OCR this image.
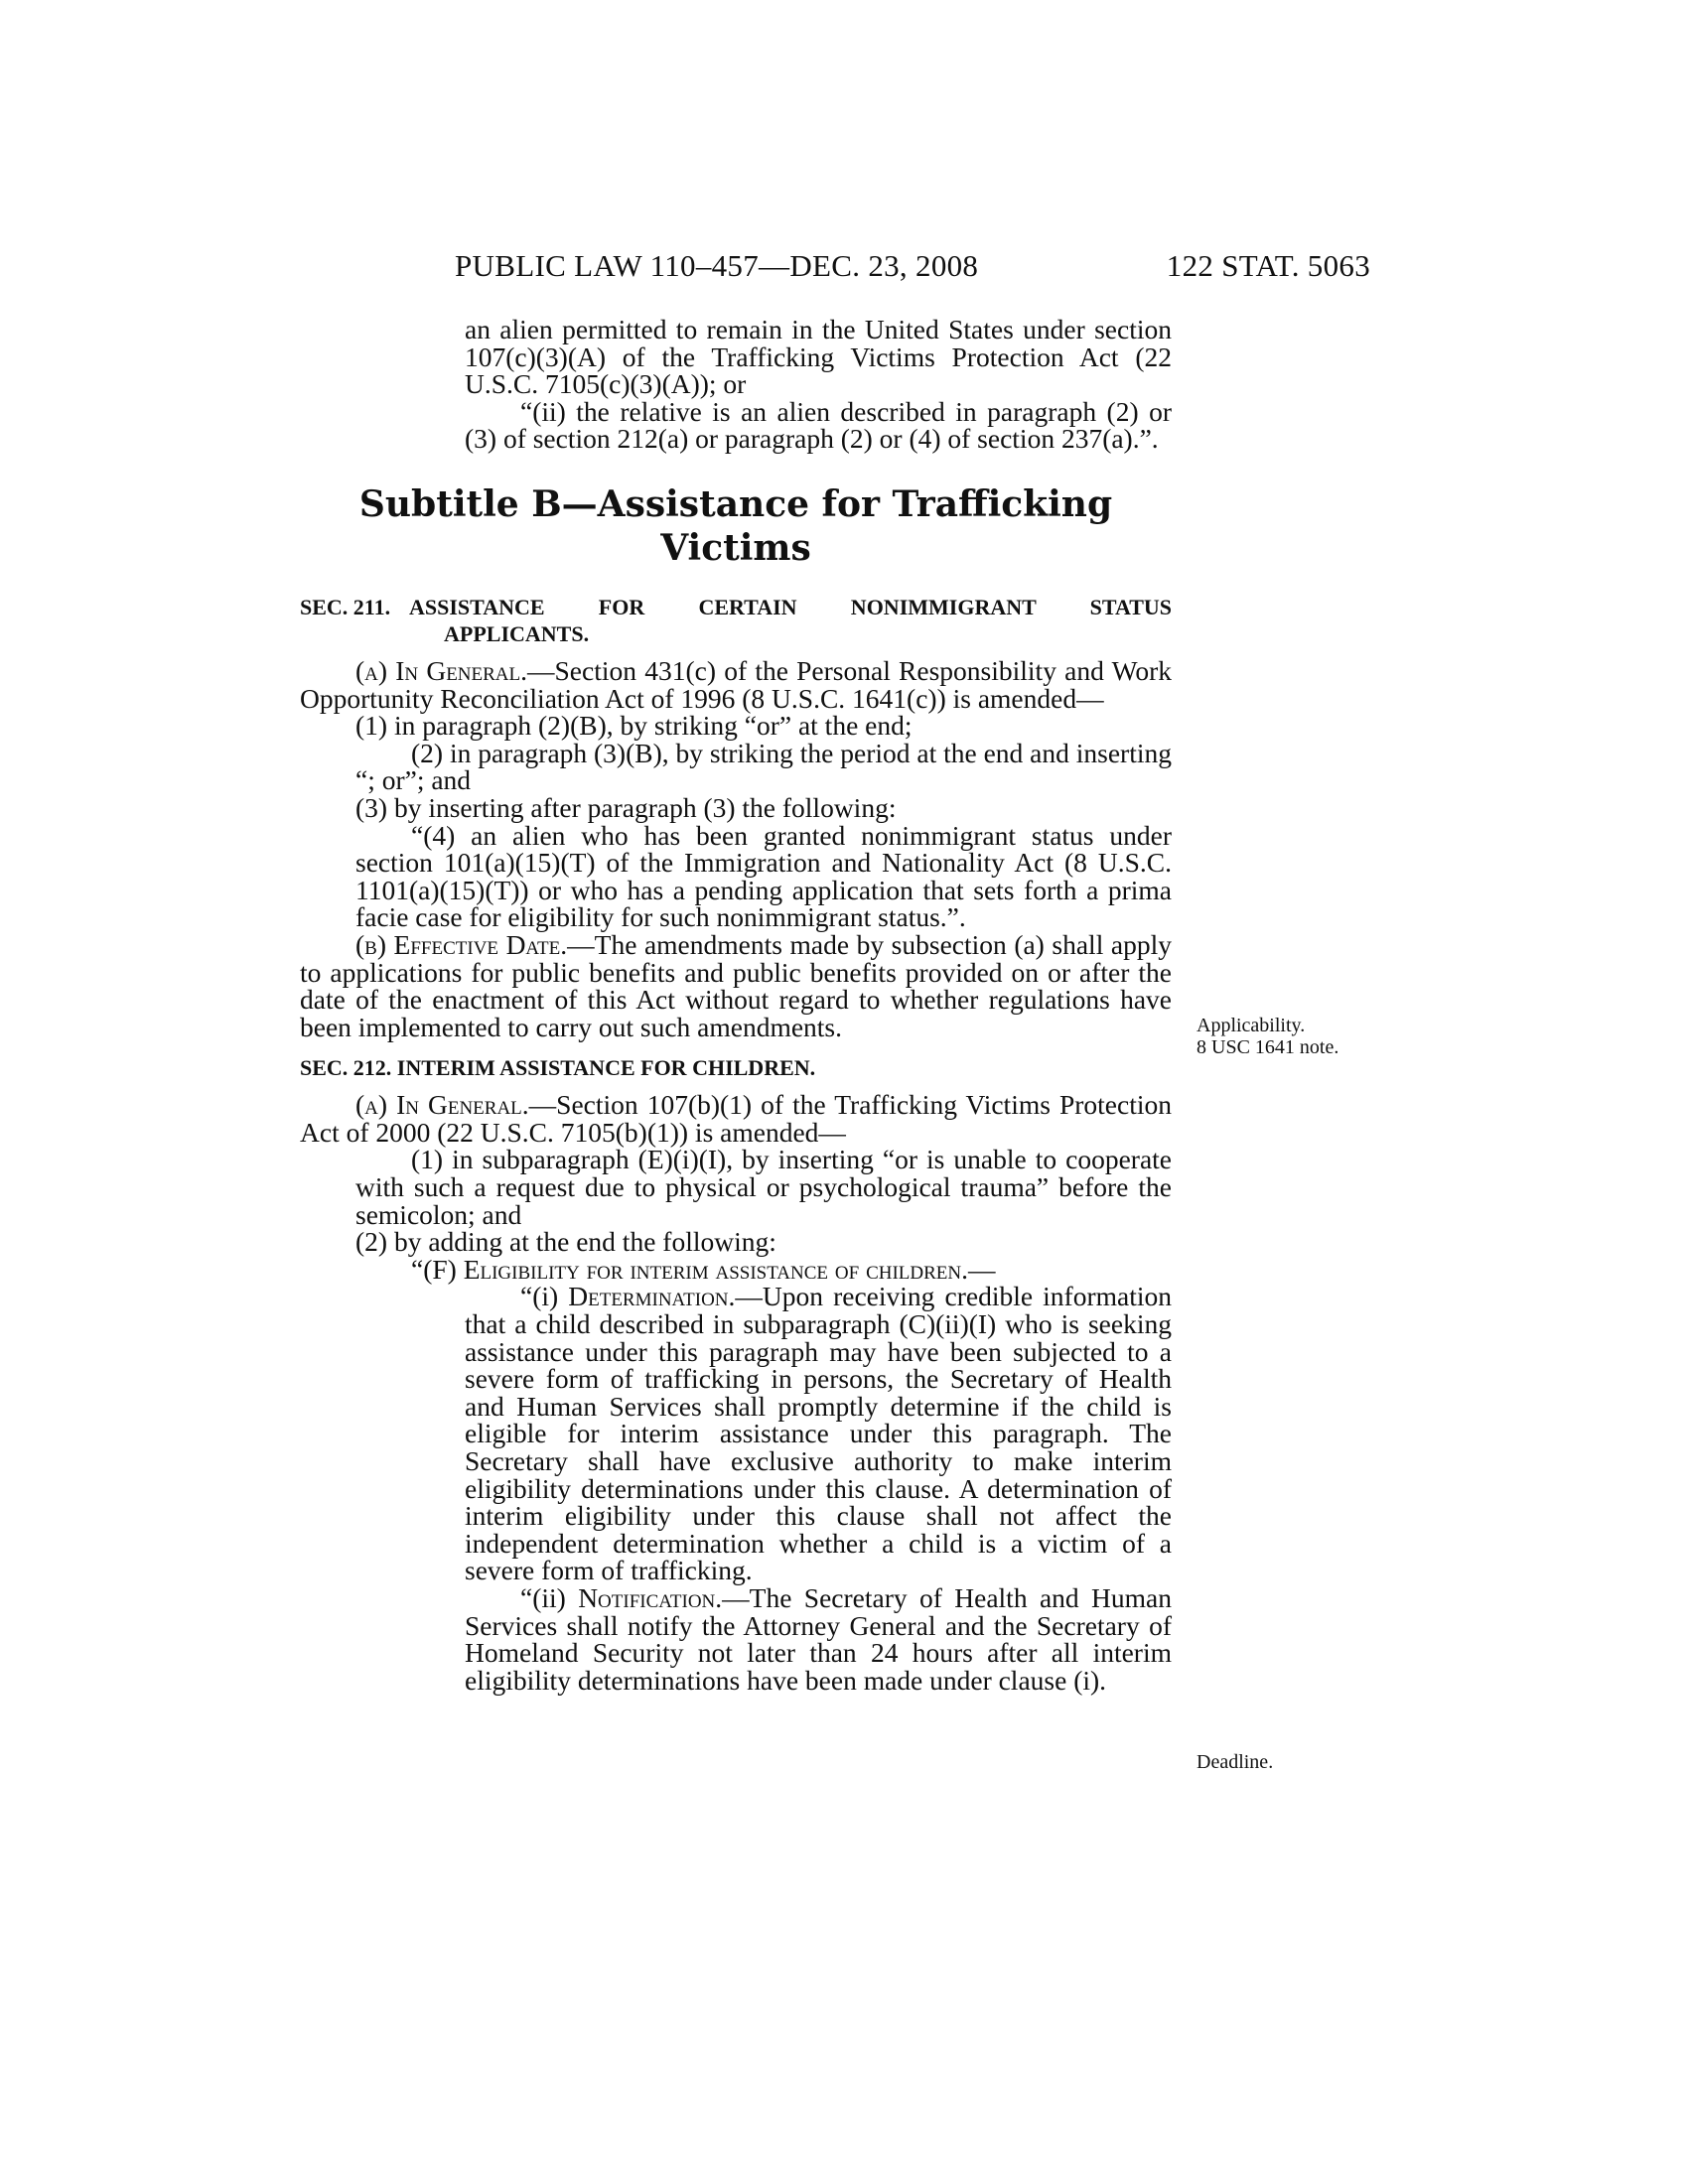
PUBLIC LAW 110–457—DEC. 23, 2008	122 STAT. 5063

an alien permitted to remain in the United States under section 107(c)(3)(A) of the Trafficking Victims Protection Act (22 U.S.C. 7105(c)(3)(A)); or

“(ii) the relative is an alien described in paragraph (2) or (3) of section 212(a) or paragraph (2) or (4) of section 237(a).”.

Subtitle B—Assistance for Trafficking Victims
SEC. 211. ASSISTANCE FOR CERTAIN NONIMMIGRANT STATUS
APPLICANTS.

(a) In General.—Section 431(c) of the Personal Responsibility and Work Opportunity Reconciliation Act of 1996 (8 U.S.C. 1641(c)) is amended—

(1) in paragraph (2)(B), by striking “or” at the end;

(2) in paragraph (3)(B), by striking the period at the end and inserting “; or”; and

(3) by inserting after paragraph (3) the following:

“(4) an alien who has been granted nonimmigrant status under section 101(a)(15)(T) of the Immigration and Nationality Act (8 U.S.C. 1101(a)(15)(T)) or who has a pending application that sets forth a prima facie case for eligibility for such nonimmigrant status.”.

(b) Effective Date.—The amendments made by subsection (a) shall apply to applications for public benefits and public benefits provided on or after the date of the enactment of this Act without regard to whether regulations have been implemented to carry out such amendments.

SEC. 212. INTERIM ASSISTANCE FOR CHILDREN.

(a) In General.—Section 107(b)(1) of the Trafficking Victims Protection Act of 2000 (22 U.S.C. 7105(b)(1)) is amended—

(1) in subparagraph (E)(i)(I), by inserting “or is unable to cooperate with such a request due to physical or psychological trauma” before the semicolon; and

(2) by adding at the end the following:

“(F) Eligibility for interim assistance of children.—

“(i) Determination.—Upon receiving credible information that a child described in subparagraph (C)(ii)(I) who is seeking assistance under this paragraph may have been subjected to a severe form of trafficking in persons, the Secretary of Health and Human Services shall promptly determine if the child is eligible for interim assistance under this paragraph. The Secretary shall have exclusive authority to make interim eligibility determinations under this clause. A determination of interim eligibility under this clause shall not affect the independent determination whether a child is a victim of a severe form of trafficking.

“(ii) Notification.—The Secretary of Health and Human Services shall notify the Attorney General and the Secretary of Homeland Security not later than 24 hours after all interim eligibility determinations have been made under clause (i).

Applicability.
8 USC 1641 note.
Deadline.
